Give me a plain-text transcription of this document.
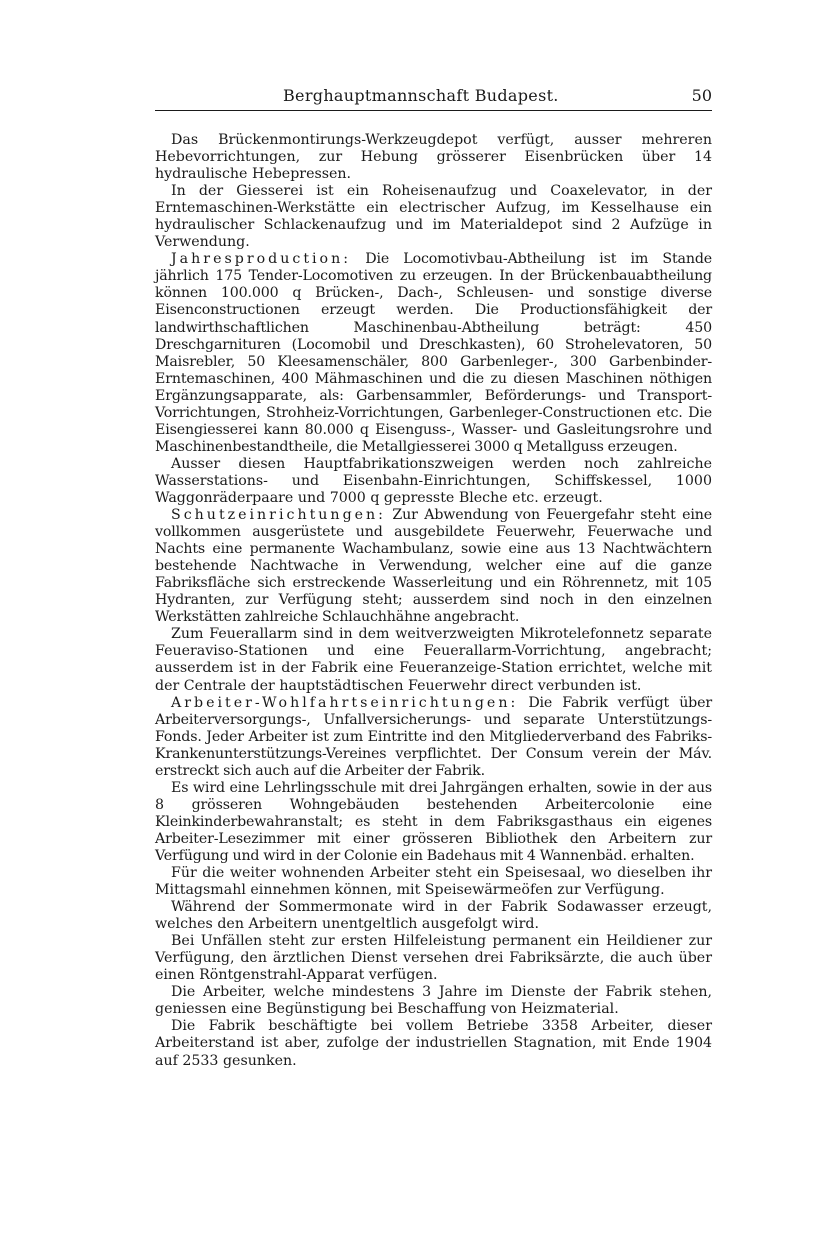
Berghauptmannschaft Budapest.	50

Das Brückenmontirungs-Werkzeugdepot verfügt, ausser mehreren Hebevorrichtungen, zur Hebung grösserer Eisenbrücken über 14 hydraulische Hebepressen.

In der Giesserei ist ein Roheisenaufzug und Coaxelevator, in der Erntemaschinen-Werkstätte ein electrischer Aufzug, im Kesselhause ein hydraulischer Schlackenaufzug und im Materialdepot sind 2 Aufzüge in Verwendung.

Jahresproduction: Die Locomotivbau-Abtheilung ist im Stande jährlich 175 Tender-Locomotiven zu erzeugen. In der Brückenbauabtheilung können 100.000 q Brücken-, Dach-, Schleusen- und sonstige diverse Eisenconstructionen erzeugt werden. Die Productionsfähigkeit der landwirthschaftlichen Maschinenbau-Abtheilung beträgt: 450 Dreschgarnituren (Locomobil und Dreschkasten), 60 Strohelevatoren, 50 Maisrebler, 50 Kleesamenschäler, 800 Garbenleger-, 300 Garbenbinder-Erntemaschinen, 400 Mähmaschinen und die zu diesen Maschinen nöthigen Ergänzungsapparate, als: Garbensammler, Beförderungs- und Transport-Vorrichtungen, Strohheiz-Vorrichtungen, Garbenleger-Constructionen etc. Die Eisengiesserei kann 80.000 q Eisenguss-, Wasser- und Gasleitungsrohre und Maschinenbestandtheile, die Metallgiesserei 3000 q Metallguss erzeugen.

Ausser diesen Hauptfabrikationszweigen werden noch zahlreiche Wasserstations- und Eisenbahn-Einrichtungen, Schiffskessel, 1000 Waggonräderpaare und 7000 q gepresste Bleche etc. erzeugt.

Schutzeinrichtungen: Zur Abwendung von Feuergefahr steht eine vollkommen ausgerüstete und ausgebildete Feuerwehr, Feuerwache und Nachts eine permanente Wachambulanz, sowie eine aus 13 Nachtwächtern bestehende Nachtwache in Verwendung, welcher eine auf die ganze Fabriksfläche sich erstreckende Wasserleitung und ein Röhrennetz, mit 105 Hydranten, zur Verfügung steht; ausserdem sind noch in den einzelnen Werkstätten zahlreiche Schlauchhähne angebracht.

Zum Feuerallarm sind in dem weitverzweigten Mikrotelefonnetz separate Feueraviso-Stationen und eine Feuerallarm-Vorrichtung, angebracht; ausserdem ist in der Fabrik eine Feueranzeige-Station errichtet, welche mit der Centrale der hauptstädtischen Feuerwehr direct verbunden ist.

Arbeiter-Wohlfahrtseinrichtungen: Die Fabrik verfügt über Arbeiterversorgungs-, Unfallversicherungs- und separate Unterstützungs-Fonds. Jeder Arbeiter ist zum Eintritte ind den Mitgliederverband des Fabriks-Krankenunterstützungs-Vereines verpflichtet. Der Consum verein der Máv. erstreckt sich auch auf die Arbeiter der Fabrik.

Es wird eine Lehrlingsschule mit drei Jahrgängen erhalten, sowie in der aus 8 grösseren Wohngebäuden bestehenden Arbeitercolonie eine Kleinkinderbewahranstalt; es steht in dem Fabriksgasthaus ein eigenes Arbeiter-Lesezimmer mit einer grösseren Bibliothek den Arbeitern zur Verfügung und wird in der Colonie ein Badehaus mit 4 Wannenbäd. erhalten.

Für die weiter wohnenden Arbeiter steht ein Speisesaal, wo dieselben ihr Mittagsmahl einnehmen können, mit Speisewärmeöfen zur Verfügung.

Während der Sommermonate wird in der Fabrik Sodawasser erzeugt, welches den Arbeitern unentgeltlich ausgefolgt wird.

Bei Unfällen steht zur ersten Hilfeleistung permanent ein Heildiener zur Verfügung, den ärztlichen Dienst versehen drei Fabriksärzte, die auch über einen Röntgenstrahl-Apparat verfügen.

Die Arbeiter, welche mindestens 3 Jahre im Dienste der Fabrik stehen, geniessen eine Begünstigung bei Beschaffung von Heizmaterial.

Die Fabrik beschäftigte bei vollem Betriebe 3358 Arbeiter, dieser Arbeiterstand ist aber, zufolge der industriellen Stagnation, mit Ende 1904 auf 2533 gesunken.
